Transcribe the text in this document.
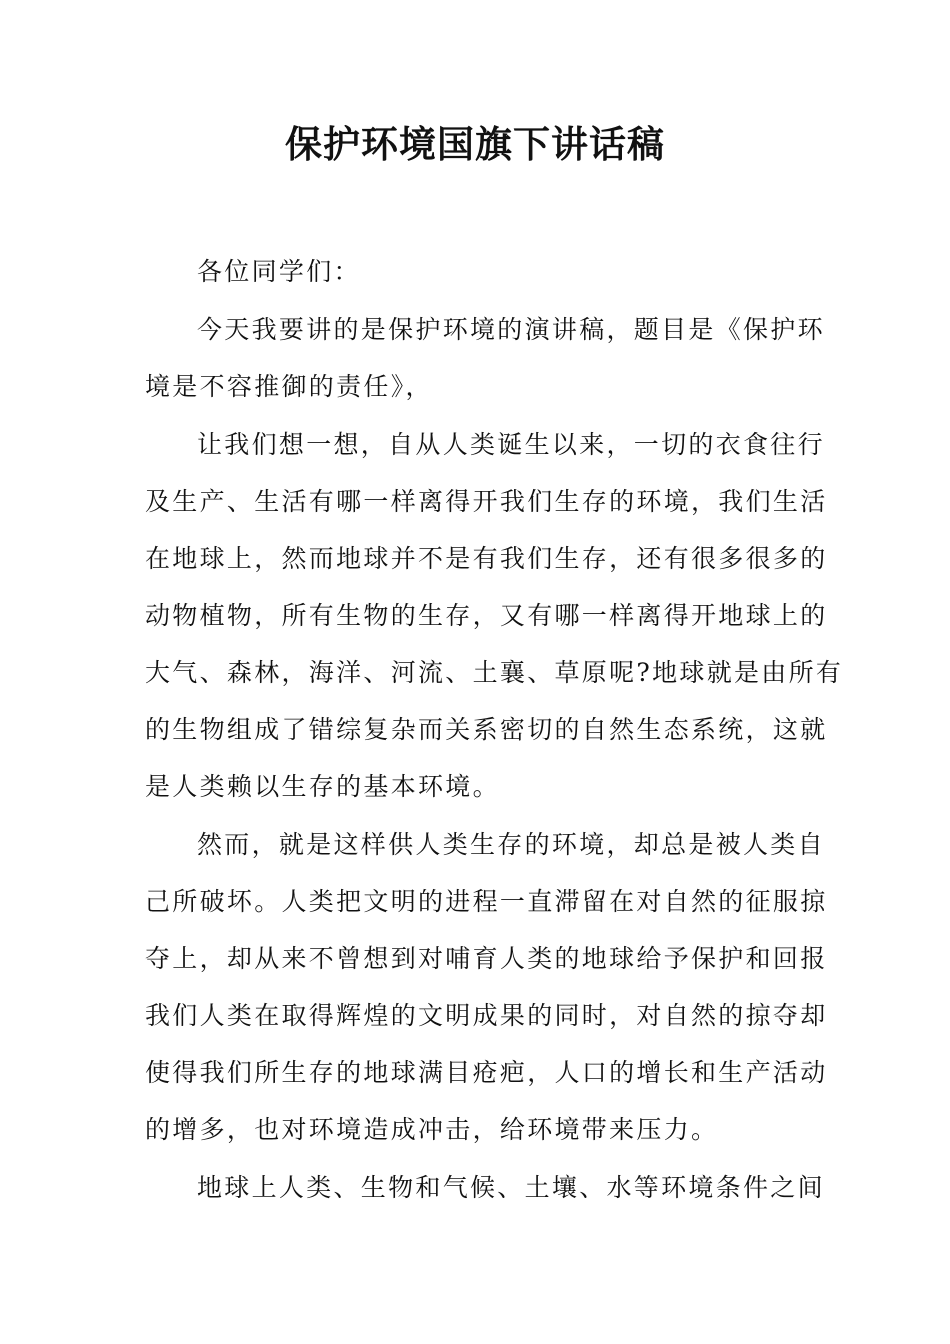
保护环境国旗下讲话稿
各位同学们：
今天我要讲的是保护环境的演讲稿，题目是《保护环
境是不容推御的责任》，
让我们想一想，自从人类诞生以来，一切的衣食往行
及生产、生活有哪一样离得开我们生存的环境，我们生活
在地球上，然而地球并不是有我们生存，还有很多很多的
动物植物，所有生物的生存，又有哪一样离得开地球上的
大气、森林，海洋、河流、土襄、草原呢?地球就是由所有
的生物组成了错综复杂而关系密切的自然生态系统，这就
是人类赖以生存的基本环境。
然而，就是这样供人类生存的环境，却总是被人类自
己所破坏。人类把文明的进程一直滞留在对自然的征服掠
夺上，却从来不曾想到对哺育人类的地球给予保护和回报
我们人类在取得辉煌的文明成果的同时，对自然的掠夺却
使得我们所生存的地球满目疮疤，人口的增长和生产活动
的增多，也对环境造成冲击，给环境带来压力。
地球上人类、生物和气候、土壤、水等环境条件之间
